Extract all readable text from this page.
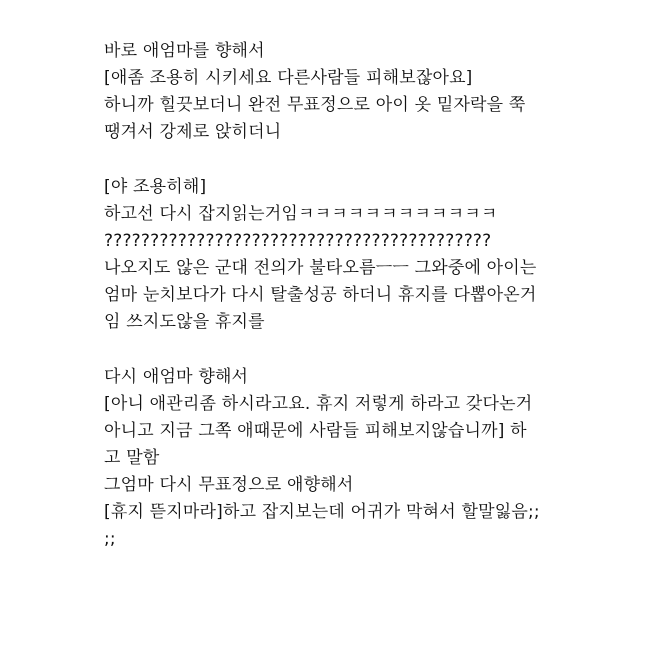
바로 애엄마를 향해서
[애좀 조용히 시키세요 다른사람들 피해보잖아요]
하니까 힐끗보더니 완전 무표정으로 아이 옷 밑자락을 쭉
땡겨서 강제로 앉히더니
[야 조용히해]
하고선 다시 잡지읽는거임ㅋㅋㅋㅋㅋㅋㅋㅋㅋㅋㅋㅋ
??????????????????????????????????????????
나오지도 않은 군대 전의가 불타오름ㅡㅡ 그와중에 아이는
엄마 눈치보다가 다시 탈출성공 하더니 휴지를 다뽑아온거
임 쓰지도않을 휴지를
다시 애엄마 향해서
[아니 애관리좀 하시라고요. 휴지 저렇게 하라고 갖다논거
아니고 지금 그쪽 애때문에 사람들 피해보지않습니까] 하
고 말함
그엄마 다시 무표정으로 애향해서
[휴지 뜯지마라]하고 잡지보는데 어귀가 막혀서 할말잃음;;
;;
